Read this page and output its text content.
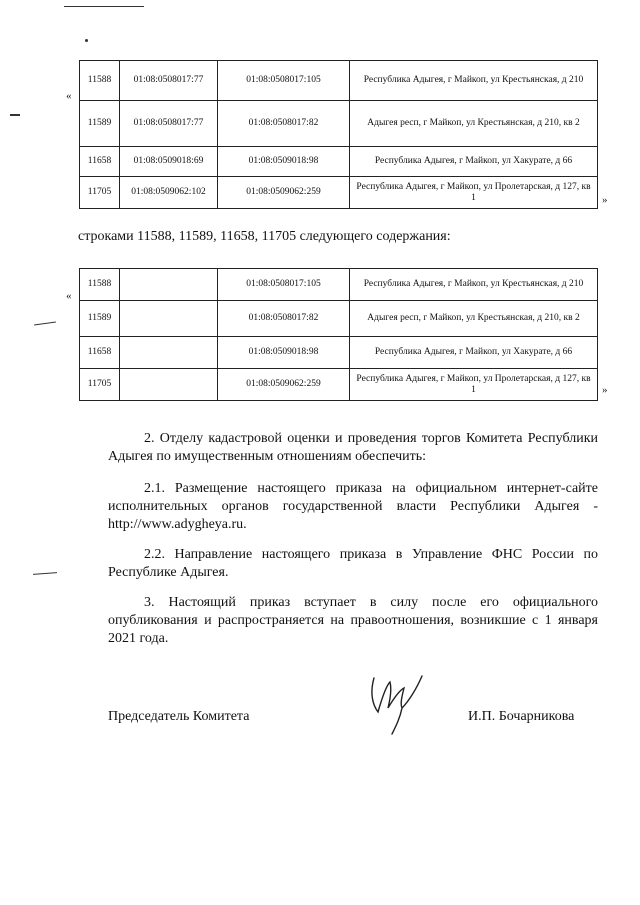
«
11588	01:08:0508017:77	01:08:0508017:105	Республика Адыгея, г Майкоп, ул Крестьянская, д 210
11589	01:08:0508017:77	01:08:0508017:82	Адыгея респ, г Майкоп, ул Крестьянская, д 210, кв 2
11658	01:08:0509018:69	01:08:0509018:98	Республика Адыгея, г Майкоп, ул Хакурате, д 66
11705	01:08:0509062:102	01:08:0509062:259	Республика Адыгея, г Майкоп, ул Пролетарская, д 127, кв 1	»
строками 11588, 11589, 11658, 11705 следующего содержания:
«
11588		01:08:0508017:105	Республика Адыгея, г Майкоп, ул Крестьянская, д 210
11589		01:08:0508017:82	Адыгея респ, г Майкоп, ул Крестьянская, д 210, кв 2
11658		01:08:0509018:98	Республика Адыгея, г Майкоп, ул Хакурате, д 66
11705		01:08:0509062:259	Республика Адыгея, г Майкоп, ул Пролетарская, д 127, кв 1	»

2. Отделу кадастровой оценки и проведения торгов Комитета Республики Адыгея по имущественным отношениям обеспечить:

2.1. Размещение настоящего приказа на официальном интернет-сайте исполнительных органов государственной власти Республики Адыгея - http://www.adygheya.ru.

2.2. Направление настоящего приказа в Управление ФНС России по Республике Адыгея.

3. Настоящий приказ вступает в силу после его официального опубликования и распространяется на правоотношения, возникшие с 1 января 2021 года.

Председатель Комитета	И.П. Бочарникова
